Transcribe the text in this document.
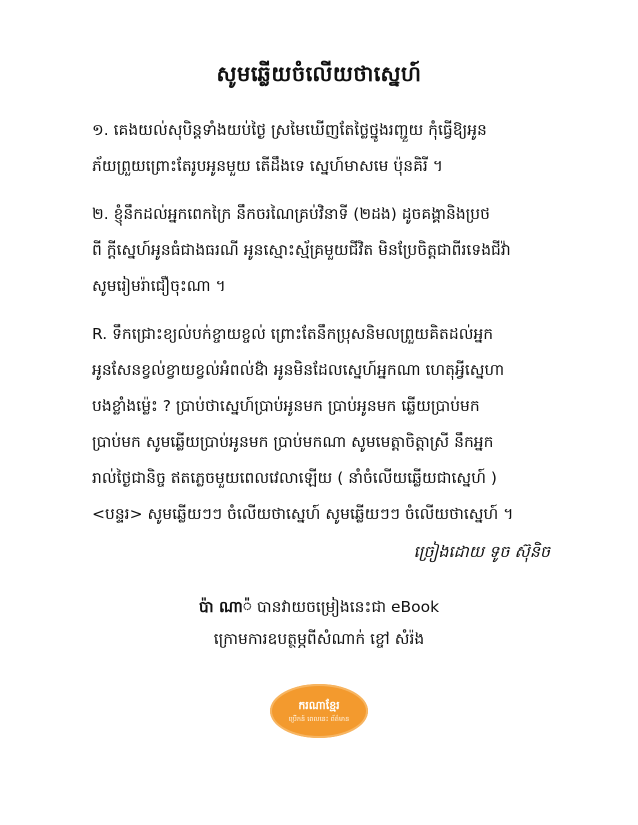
សូមឆ្លើយចំលើយថាស្នេហ៍
១. គេងយល់សុបិន្តទាំងយប់ថ្ងៃ ស្រមៃឃើញតែថ្លៃថ្នូងរញ្ជួយ កុំធ្វើឱ្យអូន
ភ័យព្រួយព្រោះតែរូបអូនមួយ តើដឹងទេ ស្នេហ៍មាសមេ ប៉ុនគិរី ។
២. ខ្ញុំនឹកដល់អ្នកពេកក្រៃ នឹកចរណៃគ្រប់វិនាទី (២ដង) ដូចគង្គានិងប្រថ
ពី ក្តីស្នេហ៍អូនធំជាងធរណី អូនស្មោះស្ម័គ្រមួយជីវិត មិនប្រែចិត្តជាពីរទេងជីវ៉ា
សូមរៀមរ៉ាជឿចុះណា ។
R. ទឹកជ្រោះខ្យល់បក់ខ្ចាយខ្ចល់ ព្រោះតែនឹកប្រុសនិមលព្រួយគិតដល់អ្នក
អូនសែនខ្វល់ខ្វាយខ្វល់អំពល់ឱ៉ា អូនមិនដែលស្នេហ៍អ្នកណា ហេតុអ្វីស្នេហា
បងខ្លាំងម្ល៉េះ ? ប្រាប់ថាស្នេហ៍ប្រាប់អូនមក ប្រាប់អូនមក ឆ្លើយប្រាប់មក
ប្រាប់មក សូមឆ្លើយប្រាប់អូនមក ប្រាប់មកណា សូមមេត្តាចិត្តាស្រី នឹកអ្នក
រាល់ថ្ងៃជានិច្ច ឥតភ្លេចមួយពេលវេលាឡើយ ( នាំចំលើយឆ្លើយជាស្នេហ៍ )
<បន្ទរ> សូមឆ្លើយៗៗ ចំលើយថាស្នេហ៍ សូមឆ្លើយៗៗ ចំលើយថាស្នេហ៍ ។
ច្រៀងដោយ ទូច ស៊ុនិច
ប៉ា ណា៉ បានវាយចម្រៀងនេះជា eBook
ក្រោមការឧបត្ថម្ភពីសំណាក់ ខ្ចៅ សំរ៉ង
ករណាខ្មែរ
ប្រើកន៍ ពេលនេះ ព័ត៌មាន
